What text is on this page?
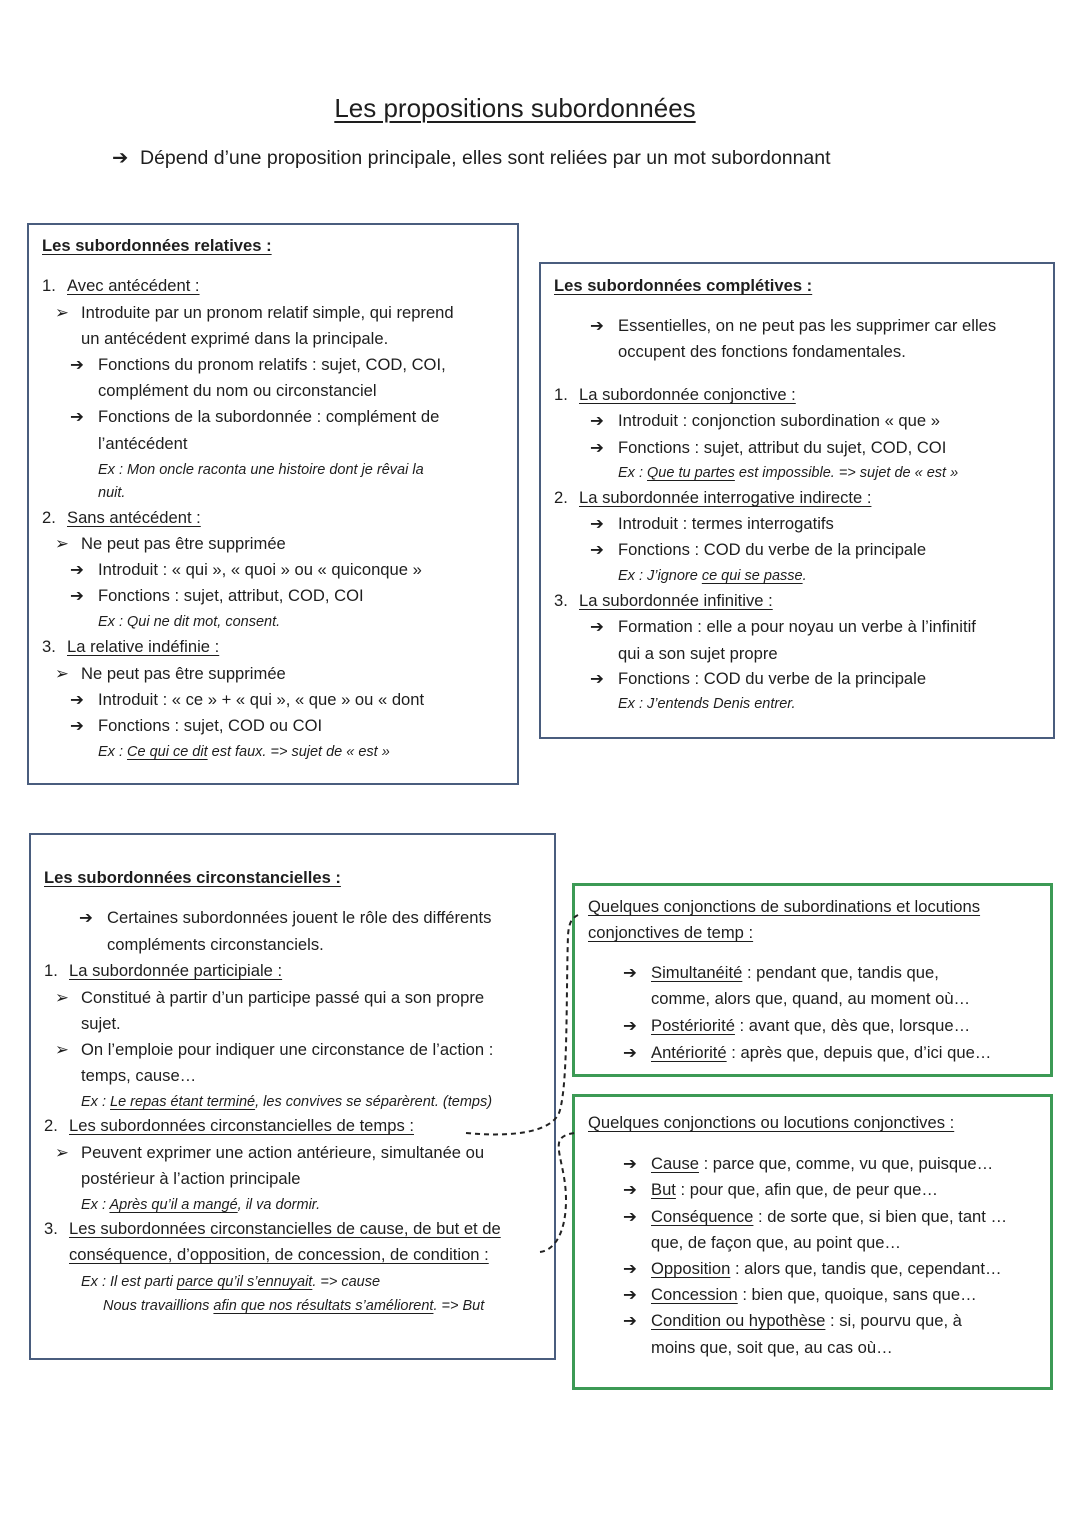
Les propositions subordonnées
➔ Dépend d’une proposition principale, elles sont reliées par un mot subordonnant
Les subordonnées relatives :
1. Avec antécédent :
➢ Introduite par un pronom relatif simple, qui reprend
un antécédent exprimé dans la principale.
➔ Fonctions du pronom relatifs : sujet, COD, COI,
complément du nom ou circonstanciel
➔ Fonctions de la subordonnée : complément de
l’antécédent
Ex : Mon oncle raconta une histoire dont je rêvai la
nuit.
2. Sans antécédent :
➢ Ne peut pas être supprimée
➔ Introduit : « qui », « quoi » ou « quiconque »
➔ Fonctions : sujet, attribut, COD, COI
Ex : Qui ne dit mot, consent.
3. La relative indéfinie :
➢ Ne peut pas être supprimée
➔ Introduit : « ce » + « qui », « que » ou « dont
➔ Fonctions : sujet, COD ou COI
Ex : Ce qui ce dit est faux. => sujet de « est »
Les subordonnées complétives :
➔ Essentielles, on ne peut pas les supprimer car elles
occupent des fonctions fondamentales.
1. La subordonnée conjonctive :
➔ Introduit : conjonction subordination « que »
➔ Fonctions : sujet, attribut du sujet, COD, COI
Ex : Que tu partes est impossible. => sujet de « est »
2. La subordonnée interrogative indirecte :
➔ Introduit : termes interrogatifs
➔ Fonctions : COD du verbe de la principale
Ex : J’ignore ce qui se passe.
3. La subordonnée infinitive :
➔ Formation : elle a pour noyau un verbe à l’infinitif
qui a son sujet propre
➔ Fonctions : COD du verbe de la principale
Ex : J’entends Denis entrer.
Les subordonnées circonstancielles :
➔ Certaines subordonnées jouent le rôle des différents
compléments circonstanciels.
1. La subordonnée participiale :
➢ Constitué à partir d’un participe passé qui a son propre
sujet.
➢ On l’emploie pour indiquer une circonstance de l’action :
temps, cause…
Ex : Le repas étant terminé, les convives se séparèrent. (temps)
2. Les subordonnées circonstancielles de temps :
➢ Peuvent exprimer une action antérieure, simultanée ou
postérieur à l’action principale
Ex : Après qu’il a mangé, il va dormir.
3. Les subordonnées circonstancielles de cause, de but et de
conséquence, d’opposition, de concession, de condition :
Ex : Il est parti parce qu’il s’ennuyait. => cause
Nous travaillions afin que nos résultats s’améliorent. => But
Quelques conjonctions de subordinations et locutions
conjonctives de temp :
➔ Simultanéité : pendant que, tandis que,
comme, alors que, quand, au moment où…
➔ Postériorité : avant que, dès que, lorsque…
➔ Antériorité : après que, depuis que, d’ici que…
Quelques conjonctions ou locutions conjonctives :
➔ Cause : parce que, comme, vu que, puisque…
➔ But : pour que, afin que, de peur que…
➔ Conséquence : de sorte que, si bien que, tant …
que, de façon que, au point que…
➔ Opposition : alors que, tandis que, cependant…
➔ Concession : bien que, quoique, sans que…
➔ Condition ou hypothèse : si, pourvu que, à
moins que, soit que, au cas où…
